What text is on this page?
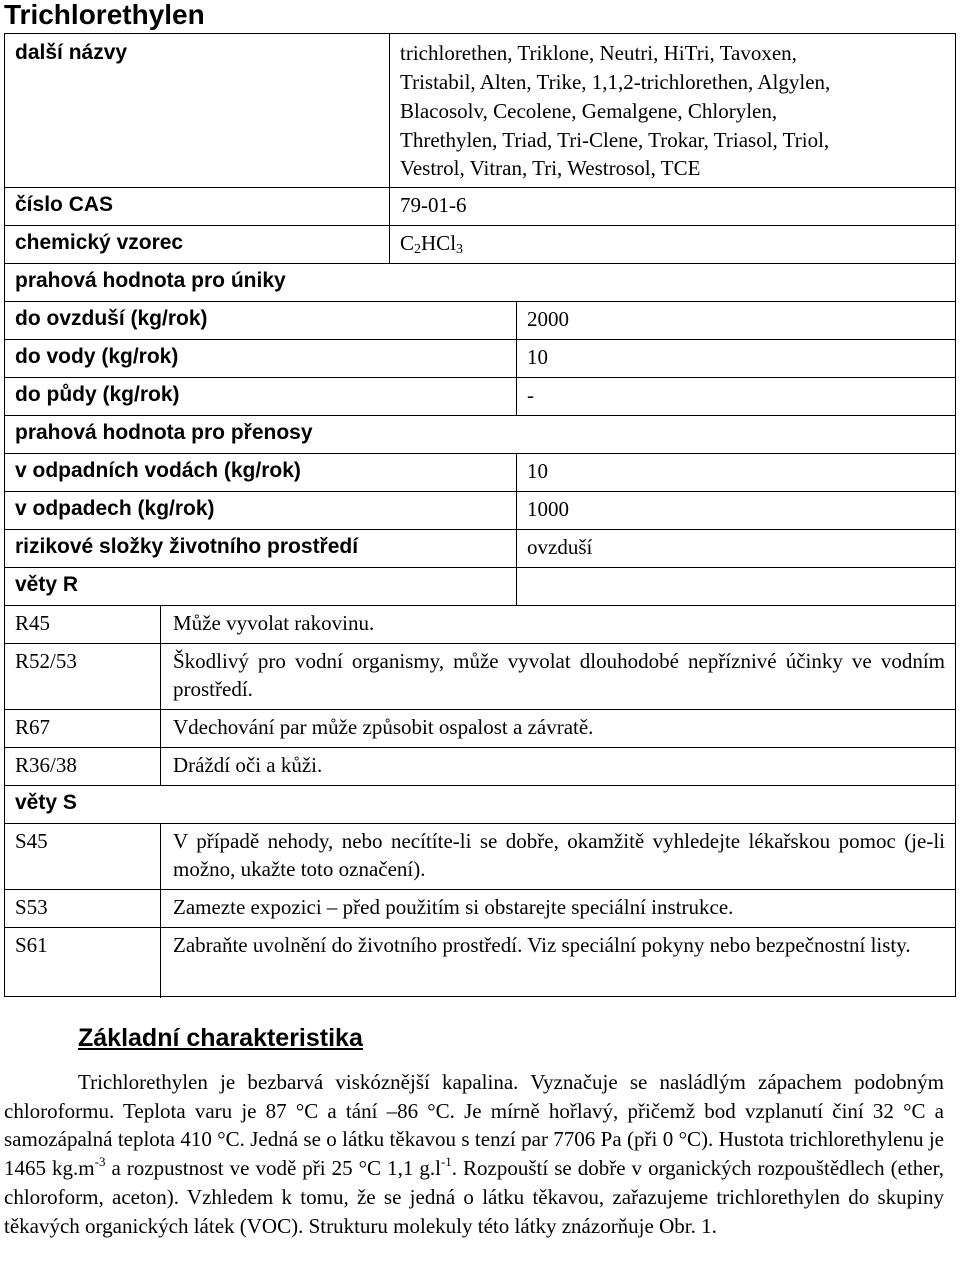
Trichlorethylen
další názvy	trichlorethen, Triklone, Neutri, HiTri, Tavoxen,
Tristabil, Alten, Trike, 1,1,2-trichlorethen, Algylen,
Blacosolv, Cecolene, Gemalgene, Chlorylen,
Threthylen, Triad, Tri-Clene, Trokar, Triasol, Triol,
Vestrol, Vitran, Tri, Westrosol, TCE
číslo CAS	79-01-6
chemický vzorec	$C_2HCl_3$
prahová hodnota pro úniky
do ovzduší (kg/rok)	2000
do vody (kg/rok)	10
do půdy (kg/rok)	-
prahová hodnota pro přenosy
v odpadních vodách (kg/rok)	10
v odpadech (kg/rok)	1000
rizikové složky životního prostředí	ovzduší
věty R
R45	Může vyvolat rakovinu.
R52/53	Škodlivý pro vodní organismy, může vyvolat dlouhodobé nepříznivé účinky ve vodním prostředí.
R67	Vdechování par může způsobit ospalost a závratě.
R36/38	Dráždí oči a kůži.
věty S
S45	V případě nehody, nebo necítíte-li se dobře, okamžitě vyhledejte lékařskou pomoc (je-li možno, ukažte toto označení).
S53	Zamezte expozici – před použitím si obstarejte speciální instrukce.
S61	Zabraňte uvolnění do životního prostředí. Viz speciální pokyny nebo bezpečnostní listy.
Základní charakteristika

Trichlorethylen je bezbarvá viskóznější kapalina. Vyznačuje se nasládlým zápachem podobným chloroformu. Teplota varu je 87 °C a tání –86 °C. Je mírně hořlavý, přičemž bod vzplanutí činí 32 °C a samozápalná teplota 410 °C. Jedná se o látku těkavou s tenzí par 7706 Pa (při 0 °C). Hustota trichlorethylenu je 1465 $kg.m^{-3}$ a rozpustnost ve vodě při 25 °C 1,1 $g.l^{-1}$. Rozpouští se dobře v organických rozpouštědlech (ether, chloroform, aceton). Vzhledem k tomu, že se jedná o látku těkavou, zařazujeme trichlorethylen do skupiny těkavých organických látek (VOC). Strukturu molekuly této látky znázorňuje Obr. 1.
